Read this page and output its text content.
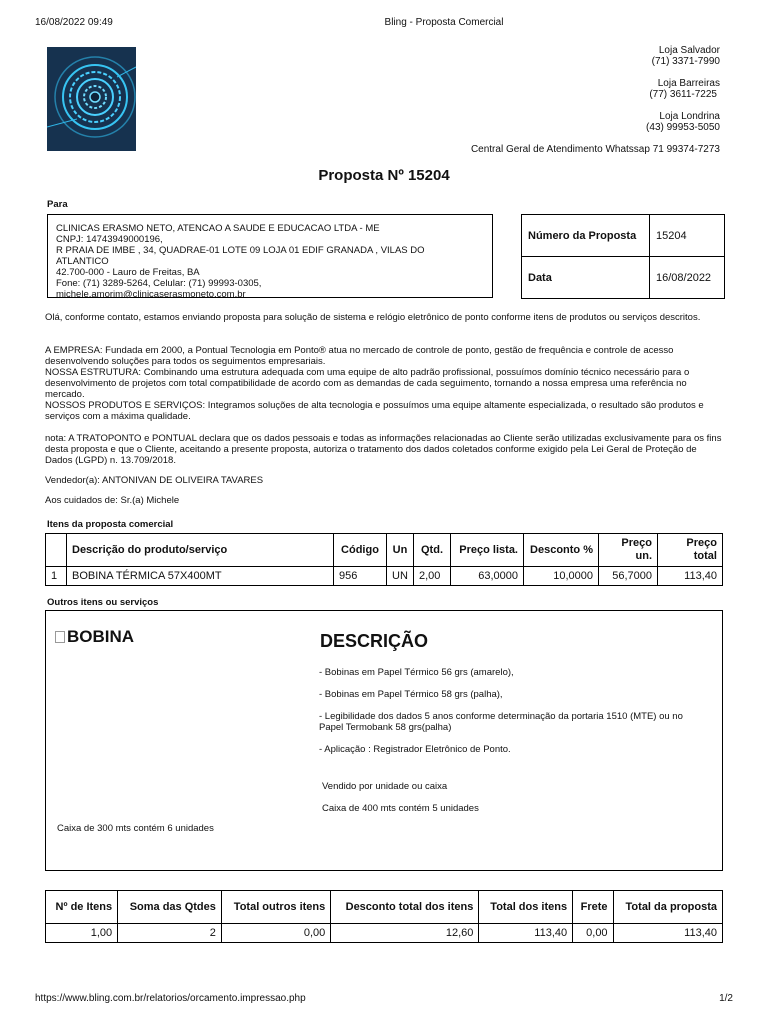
16/08/2022 09:49	Bling - Proposta Comercial
Loja Salvador
(71) 3371-7990
Loja Barreiras
(77) 3611-7225
Loja Londrina
(43) 99953-5050
Central Geral de Atendimento Whatssap 71 99374-7273
Proposta Nº 15204
Para
CLINICAS ERASMO NETO, ATENCAO A SAUDE E EDUCACAO LTDA - ME
CNPJ: 14743949000196,
R PRAIA DE IMBE , 34, QUADRAE-01 LOTE 09 LOJA 01 EDIF GRANADA , VILAS DO
ATLANTICO
42.700-000 - Lauro de Freitas, BA
Fone: (71) 3289-5264, Celular: (71) 99993-0305,
michele.amorim@clinicaserasmoneto.com.br
Número da Proposta	15204
Data	16/08/2022
Olá, conforme contato, estamos enviando proposta para solução de sistema e relógio eletrônico de ponto conforme itens de produtos ou serviços descritos.

A EMPRESA: Fundada em 2000, a Pontual Tecnologia em Ponto® atua no mercado de controle de ponto, gestão de frequência e controle de acesso desenvolvendo soluções para todos os seguimentos empresariais.

NOSSA ESTRUTURA: Combinando uma estrutura adequada com uma equipe de alto padrão profissional, possuímos domínio técnico necessário para o desenvolvimento de projetos com total compatibilidade de acordo com as demandas de cada seguimento, tornando a nossa empresa uma referência no mercado.

NOSSOS PRODUTOS E SERVIÇOS: Integramos soluções de alta tecnologia e possuímos uma equipe altamente especializada, o resultado são produtos e serviços com a máxima qualidade.

nota: A TRATOPONTO e PONTUAL declara que os dados pessoais e todas as informações relacionadas ao Cliente serão utilizadas exclusivamente para os fins desta proposta e que o Cliente, aceitando a presente proposta, autoriza o tratamento dos dados coletados conforme exigido pela Lei Geral de Proteção de Dados (LGPD) n. 13.709/2018.
Vendedor(a): ANTONIVAN DE OLIVEIRA TAVARES
Aos cuidados de: Sr.(a) Michele
Itens da proposta comercial
	Descrição do produto/serviço	Código	Un	Qtd.	Preço lista.	Desconto %	Preço un.	Preço total
1	BOBINA TÉRMICA 57X400MT	956	UN	2,00	63,0000	10,0000	56,7000	113,40
Outros itens ou serviços
BOBINA	DESCRIÇÃO
- Bobinas em Papel Térmico 56 grs (amarelo),
- Bobinas em Papel Térmico 58 grs (palha),
- Legibilidade dos dados 5 anos conforme determinação da portaria 1510 (MTE) ou no Papel Termobank 58 grs(palha)
- Aplicação : Registrador Eletrônico de Ponto.
Vendido por unidade ou caixa
Caixa de 400 mts contém 5 unidades
Caixa de 300 mts contém 6 unidades
Nº de Itens	Soma das Qtdes	Total outros itens	Desconto total dos itens	Total dos itens	Frete	Total da proposta
1,00	2	0,00	12,60	113,40	0,00	113,40
https://www.bling.com.br/relatorios/orcamento.impressao.php	1/2
